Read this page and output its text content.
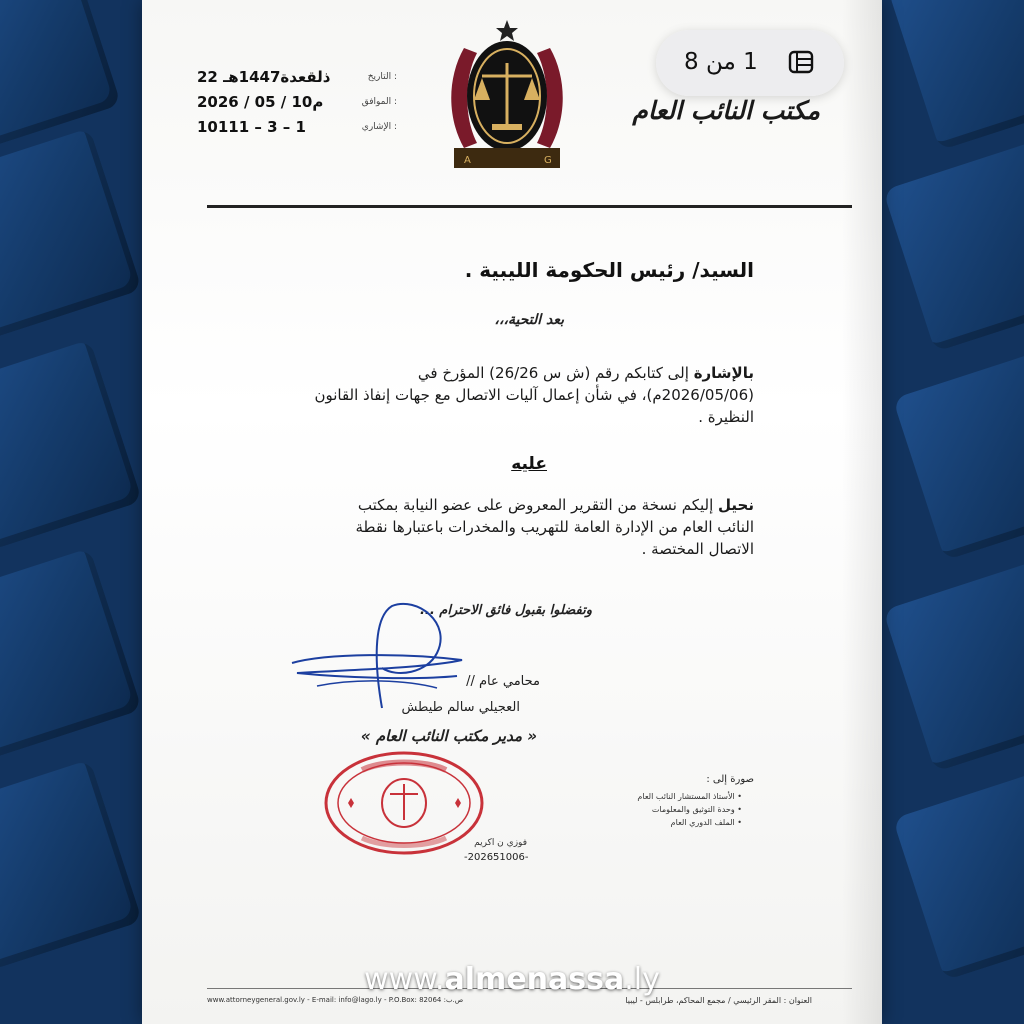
22 ذلقعدة1447هـ	التاريخ :
2026 / 05 / 10م	الموافق :
10111 – 3 – 1	الإشاري :
A	G
مكتب النائب العام
السيد/ رئيس الحكومة الليبية .
بعد التحية،،،
بالإشارة إلى كتابكم رقم (ش س 26/26) المؤرخ في (2026/05/06م)، في شأن إعمال آليات الاتصال مع جهات إنفاذ القانون النظيرة .
عليه
نحيل إليكم نسخة من التقرير المعروض على عضو النيابة بمكتب النائب العام من الإدارة العامة للتهريب والمخدرات باعتبارها نقطة الاتصال المختصة .
وتفضلوا بقبول فائق الاحترام ...
محامي عام //
العجيلي سالم طيطش
« مدير مكتب النائب العام »
صورة إلى :
• الأستاذ المستشار النائب العام
• وحدة التوثيق والمعلومات
• الملف الدوري العام
فوزي ن اكريم
-202651006-
www.attorneygeneral.gov.ly - E-mail: info@lago.ly - P.O.Box: 82064 :ص.ب	العنوان : المقر الرئيسي / مجمع المحاكم، طرابلس - ليبيا
1 من 8
www.almenassa.ly
